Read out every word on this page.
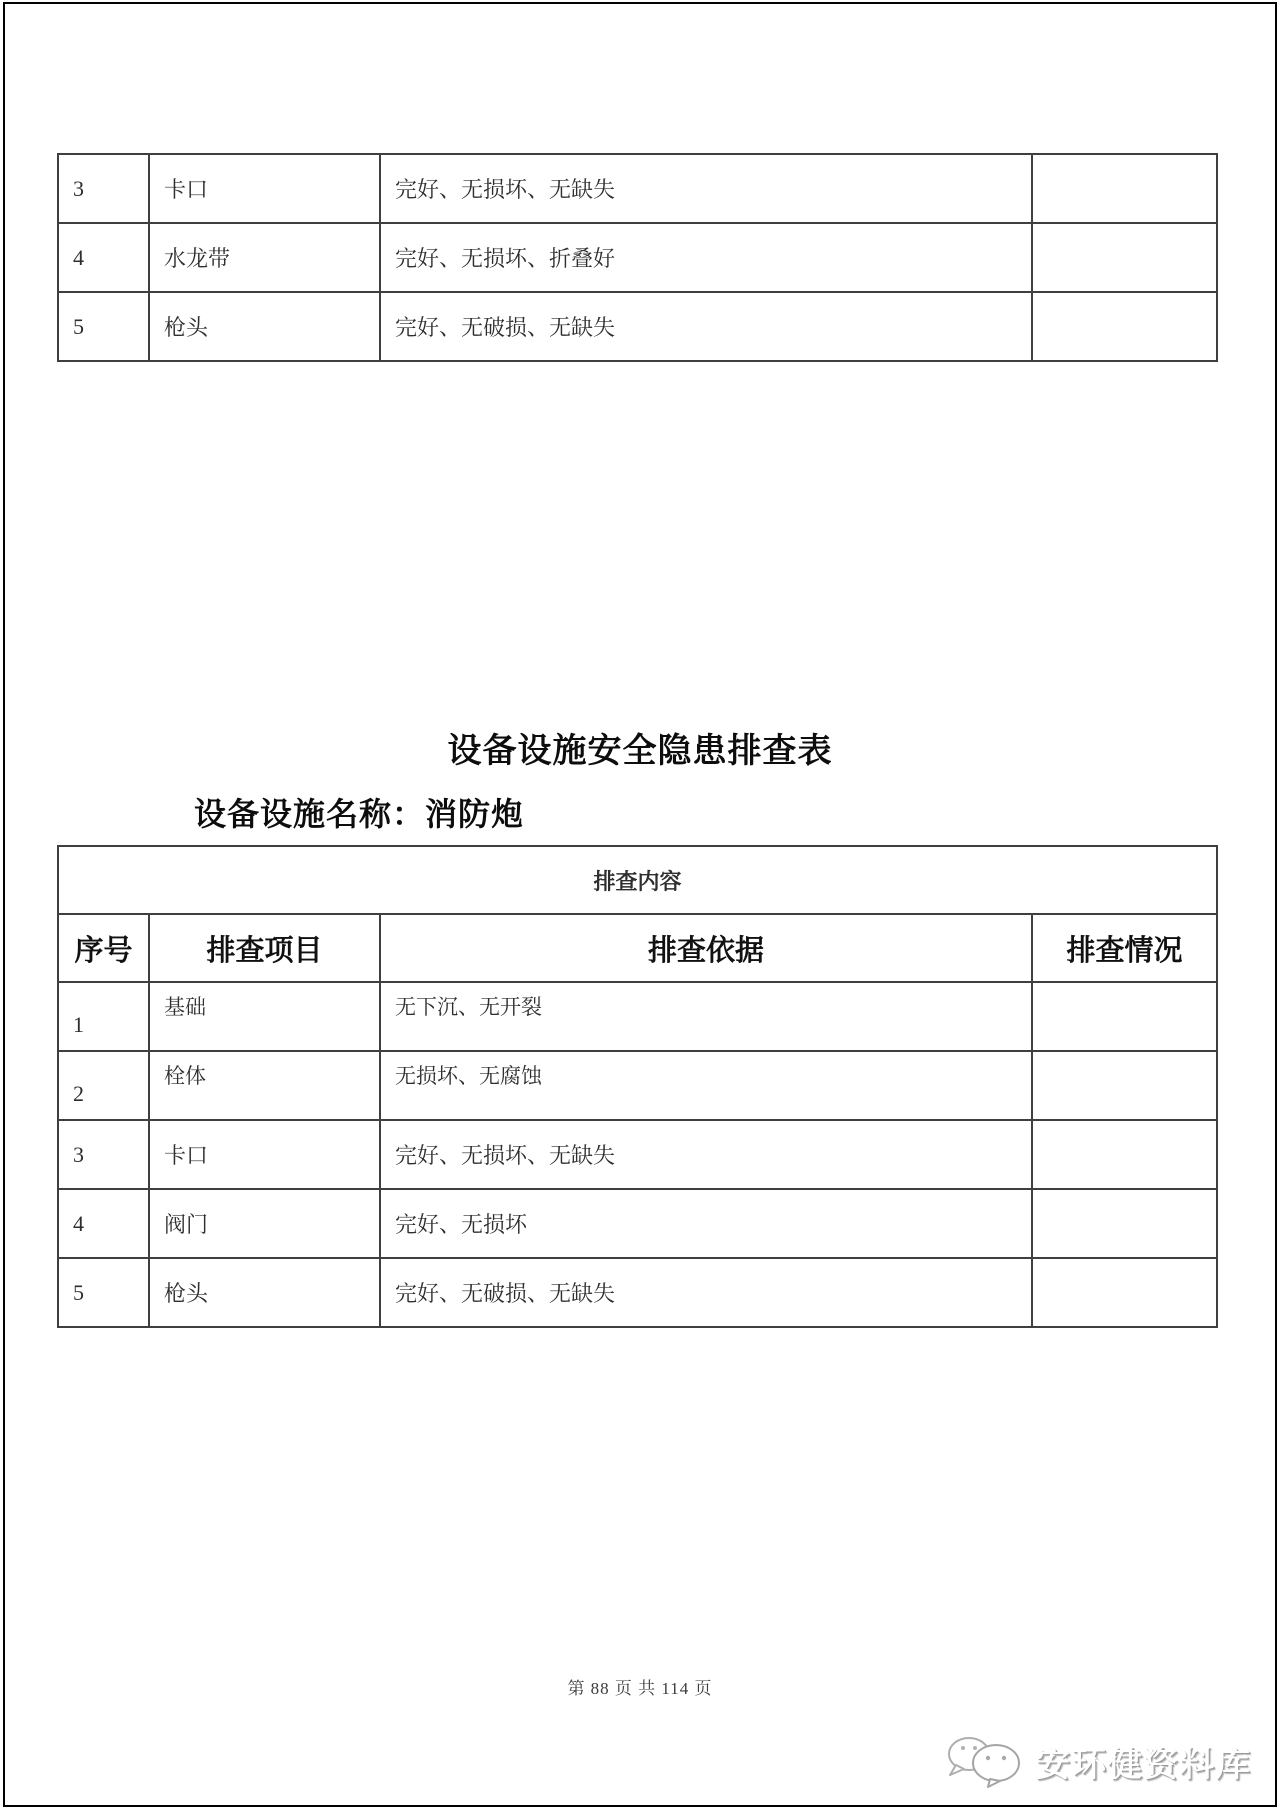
3	卡口	完好、无损坏、无缺失	
4	水龙带	完好、无损坏、折叠好	
5	枪头	完好、无破损、无缺失	
设备设施安全隐患排查表
设备设施名称：消防炮
排查内容			
序号	排查项目	排查依据	排查情况
1	基础	无下沉、无开裂	
2	栓体	无损坏、无腐蚀	
3	卡口	完好、无损坏、无缺失	
4	阀门	完好、无损坏	
5	枪头	完好、无破损、无缺失	
第 88 页 共 114 页
安环健资料库
